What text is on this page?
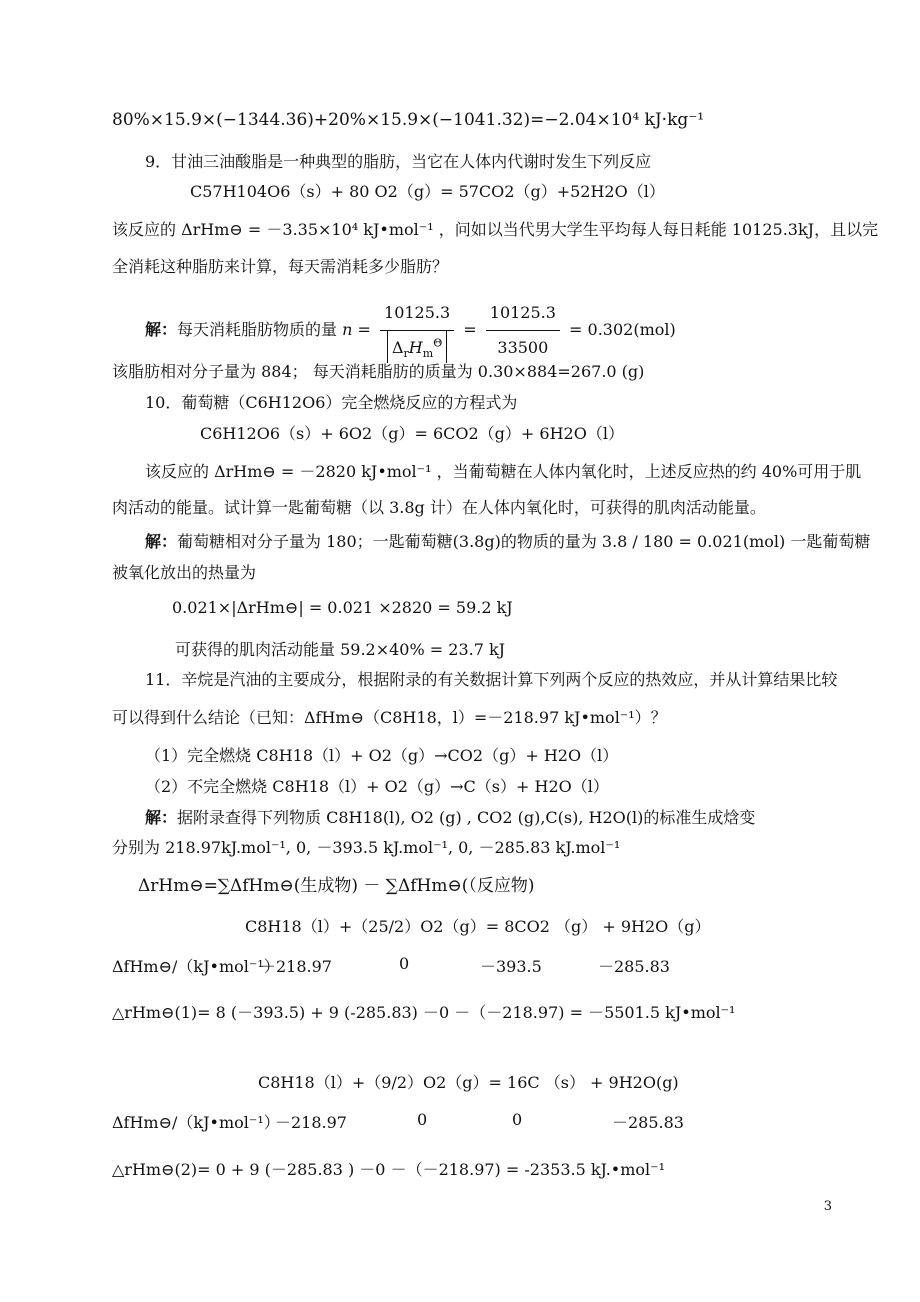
80%×15.9×(−1344.36)+20%×15.9×(−1041.32)=−2.04×10⁴ kJ·kg⁻¹
9．甘油三油酸脂是一种典型的脂肪，当它在人体内代谢时发生下列反应
C57H104O6（s）+ 80 O2（g）= 57CO2（g）+52H2O（l）
该反应的 ΔrHm⊖ = －3.35×10⁴ kJ•mol⁻¹ ，问如以当代男大学生平均每人每日耗能 10125.3kJ，且以完
全消耗这种脂肪来计算，每天需消耗多少脂肪？
解：每天消耗脂肪物质的量 $n = \frac{10125.3}{\Delta_rH_m^\Theta} = \frac{10125.3}{33500} = 0.302(mol)$
该脂肪相对分子量为 884； 每天消耗脂肪的质量为 0.30×884=267.0 (g)
10．葡萄糖（C6H12O6）完全燃烧反应的方程式为
C6H12O6（s）+ 6O2（g）= 6CO2（g）+ 6H2O（l）
该反应的 ΔrHm⊖ = －2820 kJ•mol⁻¹ ，当葡萄糖在人体内氧化时，上述反应热的约 40%可用于肌
肉活动的能量。试计算一匙葡萄糖（以 3.8g 计）在人体内氧化时，可获得的肌肉活动能量。
解：葡萄糖相对分子量为 180；一匙葡萄糖(3.8g)的物质的量为 3.8 / 180 = 0.021(mol) 一匙葡萄糖
被氧化放出的热量为
0.021×|ΔrHm⊖| = 0.021 ×2820 = 59.2 kJ
可获得的肌肉活动能量 59.2×40% = 23.7 kJ
11．辛烷是汽油的主要成分，根据附录的有关数据计算下列两个反应的热效应，并从计算结果比较
可以得到什么结论（已知：ΔfHm⊖（C8H18，l）=－218.97 kJ•mol⁻¹）？
（1）完全燃烧 C8H18（l）+ O2（g）→CO2（g）+ H2O（l）
（2）不完全燃烧 C8H18（l）+ O2（g）→C（s）+ H2O（l）
解：据附录查得下列物质 C8H18(l), O2 (g) , CO2 (g),C(s), H2O(l)的标准生成焓变
分别为 218.97kJ.mol⁻¹, 0, －393.5 kJ.mol⁻¹, 0, －285.83 kJ.mol⁻¹
ΔrHm⊖=∑ΔfHm⊖(生成物) － ∑ΔfHm⊖(（反应物)
C8H18（l）+（25/2）O2（g）= 8CO2 （g） + 9H2O（g）
ΔfHm⊖/（kJ•mol⁻¹）
－218.97	0	－393.5	－285.83
△rHm⊖(1)= 8 (－393.5) + 9 (-285.83) －0 －（－218.97) = －5501.5 kJ•mol⁻¹
C8H18（l）+（9/2）O2（g）= 16C （s） + 9H2O(g)
ΔfHm⊖/（kJ•mol⁻¹）
－218.97	0	0	－285.83
△rHm⊖(2)= 0 + 9 (－285.83 ) －0 －（－218.97) = -2353.5 kJ.•mol⁻¹
3
